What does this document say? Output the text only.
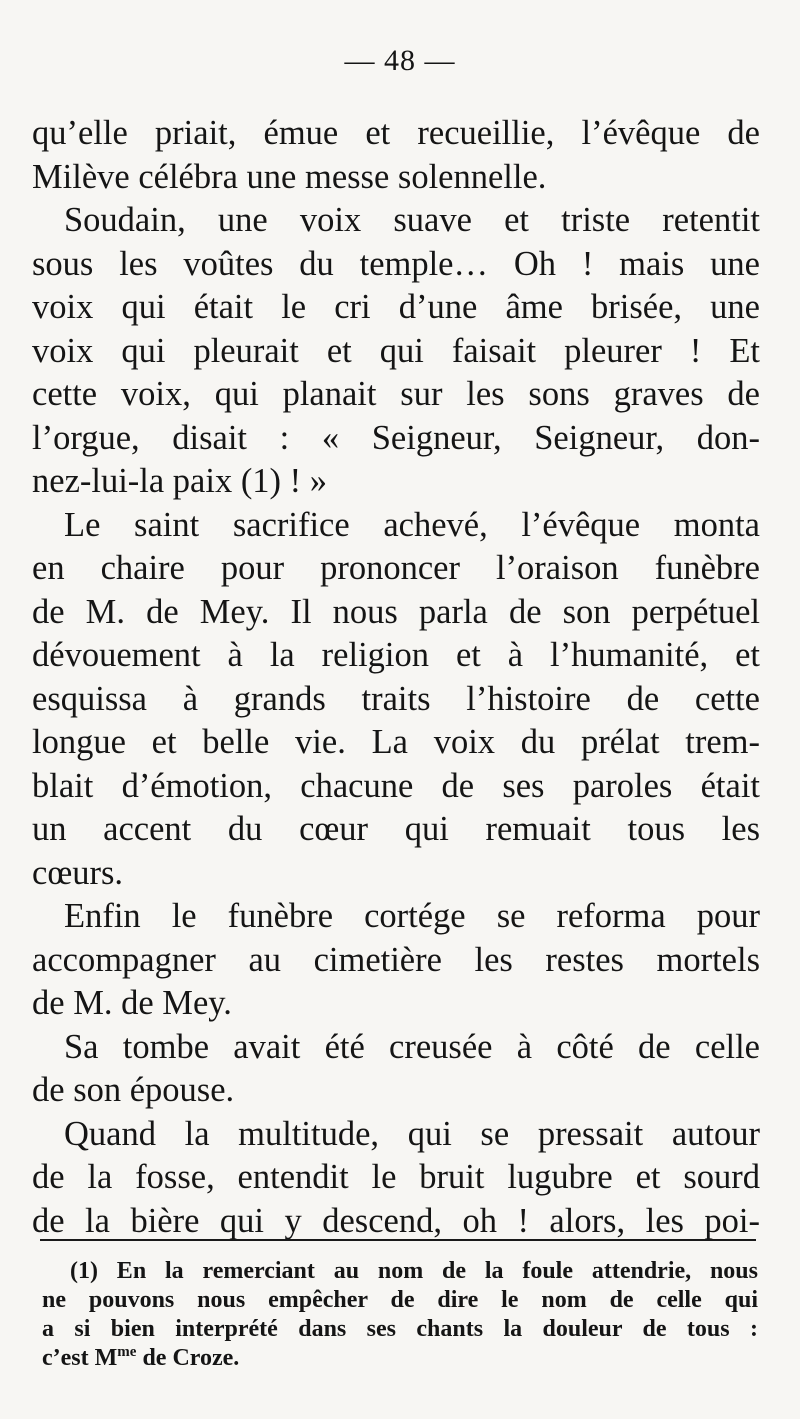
— 48 —
qu’elle priait, émue et recueillie, l’évêque de
Milève célébra une messe solennelle.
Soudain, une voix suave et triste retentit
sous les voûtes du temple… Oh ! mais une
voix qui était le cri d’une âme brisée, une
voix qui pleurait et qui faisait pleurer ! Et
cette voix, qui planait sur les sons graves de
l’orgue, disait : « Seigneur, Seigneur, don-
nez-lui-la paix (1) ! »
Le saint sacrifice achevé, l’évêque monta
en chaire pour prononcer l’oraison funèbre
de M. de Mey. Il nous parla de son perpétuel
dévouement à la religion et à l’humanité, et
esquissa à grands traits l’histoire de cette
longue et belle vie. La voix du prélat trem-
blait d’émotion, chacune de ses paroles était
un accent du cœur qui remuait tous les
cœurs.
Enfin le funèbre cortége se reforma pour
accompagner au cimetière les restes mortels
de M. de Mey.
Sa tombe avait été creusée à côté de celle
de son épouse.
Quand la multitude, qui se pressait autour
de la fosse, entendit le bruit lugubre et sourd
de la bière qui y descend, oh ! alors, les poi-
(1) En la remerciant au nom de la foule attendrie, nous
ne pouvons nous empêcher de dire le nom de celle qui
a si bien interprété dans ses chants la douleur de tous :
c’est $M^{me}$ de Croze.
